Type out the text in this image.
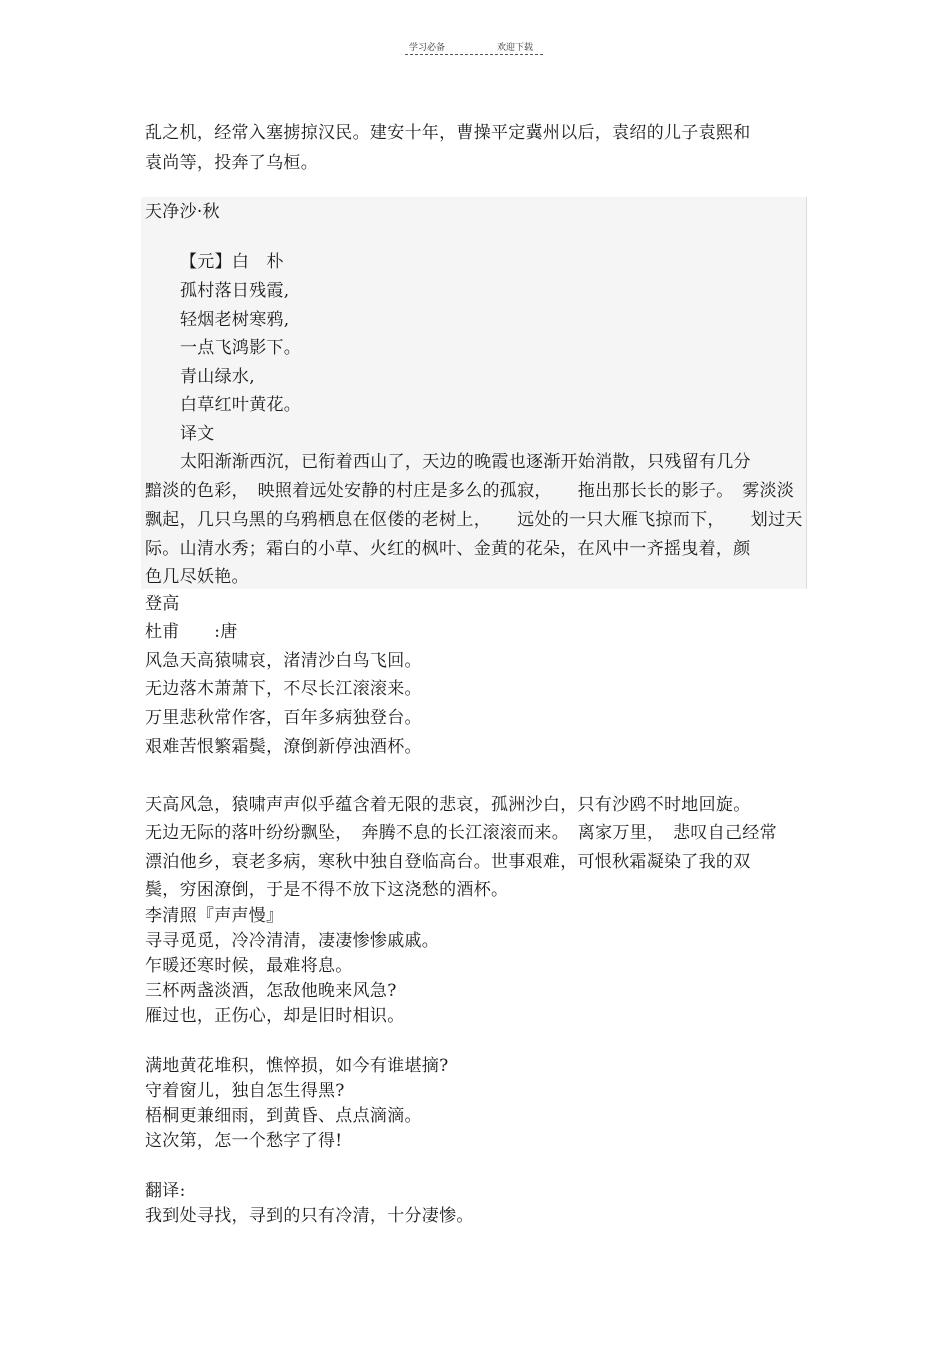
学习必备	欢迎下载
乱之机，经常入塞掳掠汉民。建安十年，曹操平定冀州以后，袁绍的儿子袁熙和
袁尚等，投奔了乌桓。
天净沙·秋
【元】白　朴
孤村落日残霞,
轻烟老树寒鸦,
一点飞鸿影下。
青山绿水,
白草红叶黄花。
译文
太阳渐渐西沉，已衔着西山了，天边的晚霞也逐渐开始消散，只残留有几分
黯淡的色彩，　映照着远处安静的村庄是多么的孤寂，　　拖出那长长的影子。　雾淡淡
飘起，几只乌黑的乌鸦栖息在伛偻的老树上，　　远处的一只大雁飞掠而下，　　划过天
际。山清水秀；霜白的小草、火红的枫叶、金黄的花朵，在风中一齐摇曳着，颜
色几尽妖艳。
登高
杜甫　　:唐
风急天高猿啸哀，渚清沙白鸟飞回。
无边落木萧萧下，不尽长江滚滚来。
万里悲秋常作客，百年多病独登台。
艰难苦恨繁霜鬓，潦倒新停浊酒杯。
天高风急，猿啸声声似乎蕴含着无限的悲哀，孤洲沙白，只有沙鸥不时地回旋。
无边无际的落叶纷纷飘坠，　奔腾不息的长江滚滚而来。　离家万里，　悲叹自己经常
漂泊他乡，衰老多病，寒秋中独自登临高台。世事艰难，可恨秋霜凝染了我的双
鬓，穷困潦倒，于是不得不放下这浇愁的酒杯。
李清照『声声慢』
寻寻觅觅，冷冷清清，凄凄惨惨戚戚。
乍暖还寒时候，最难将息。
三杯两盏淡酒，怎敌他晚来风急?
雁过也，正伤心，却是旧时相识。
满地黄花堆积，憔悴损，如今有谁堪摘?
守着窗儿，独自怎生得黑?
梧桐更兼细雨，到黄昏、点点滴滴。
这次第，怎一个愁字了得!
翻译:
我到处寻找，寻到的只有冷清，十分凄惨。
